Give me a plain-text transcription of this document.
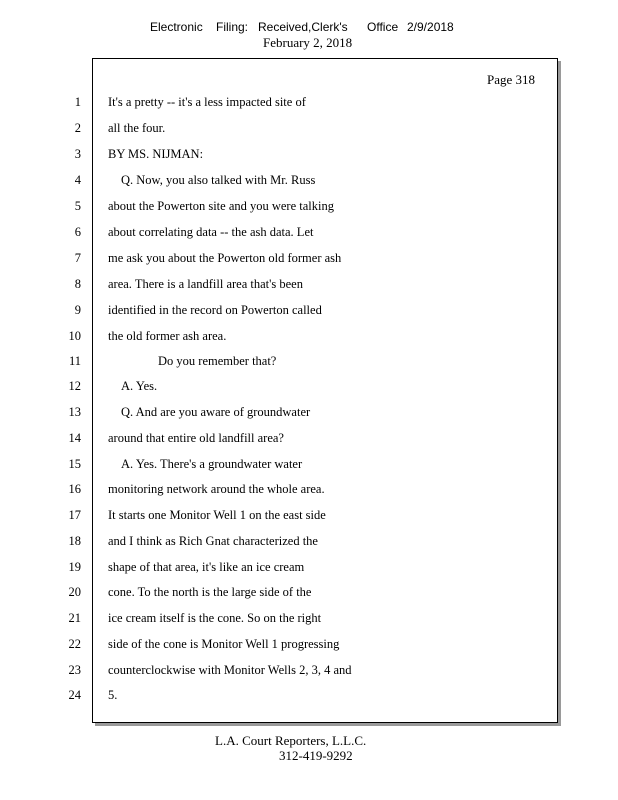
Electronic Filing: Received,Clerk's Office 2/9/2018
February 2, 2018
Page 318
1 It's a pretty -- it's a less impacted site of
2 all the four.
3 BY MS. NIJMAN:
4	Q. Now, you also talked with Mr. Russ
5 about the Powerton site and you were talking
6 about correlating data -- the ash data. Let
7 me ask you about the Powerton old former ash
8 area. There is a landfill area that's been
9 identified in the record on Powerton called
10 the old former ash area.
11	Do you remember that?
12	A. Yes.
13	Q. And are you aware of groundwater
14 around that entire old landfill area?
15	A. Yes. There's a groundwater water
16 monitoring network around the whole area.
17 It starts one Monitor Well 1 on the east side
18 and I think as Rich Gnat characterized the
19 shape of that area, it's like an ice cream
20 cone. To the north is the large side of the
21 ice cream itself is the cone. So on the right
22 side of the cone is Monitor Well 1 progressing
23 counterclockwise with Monitor Wells 2, 3, 4 and
24 5.
L.A. Court Reporters, L.L.C.
312-419-9292
